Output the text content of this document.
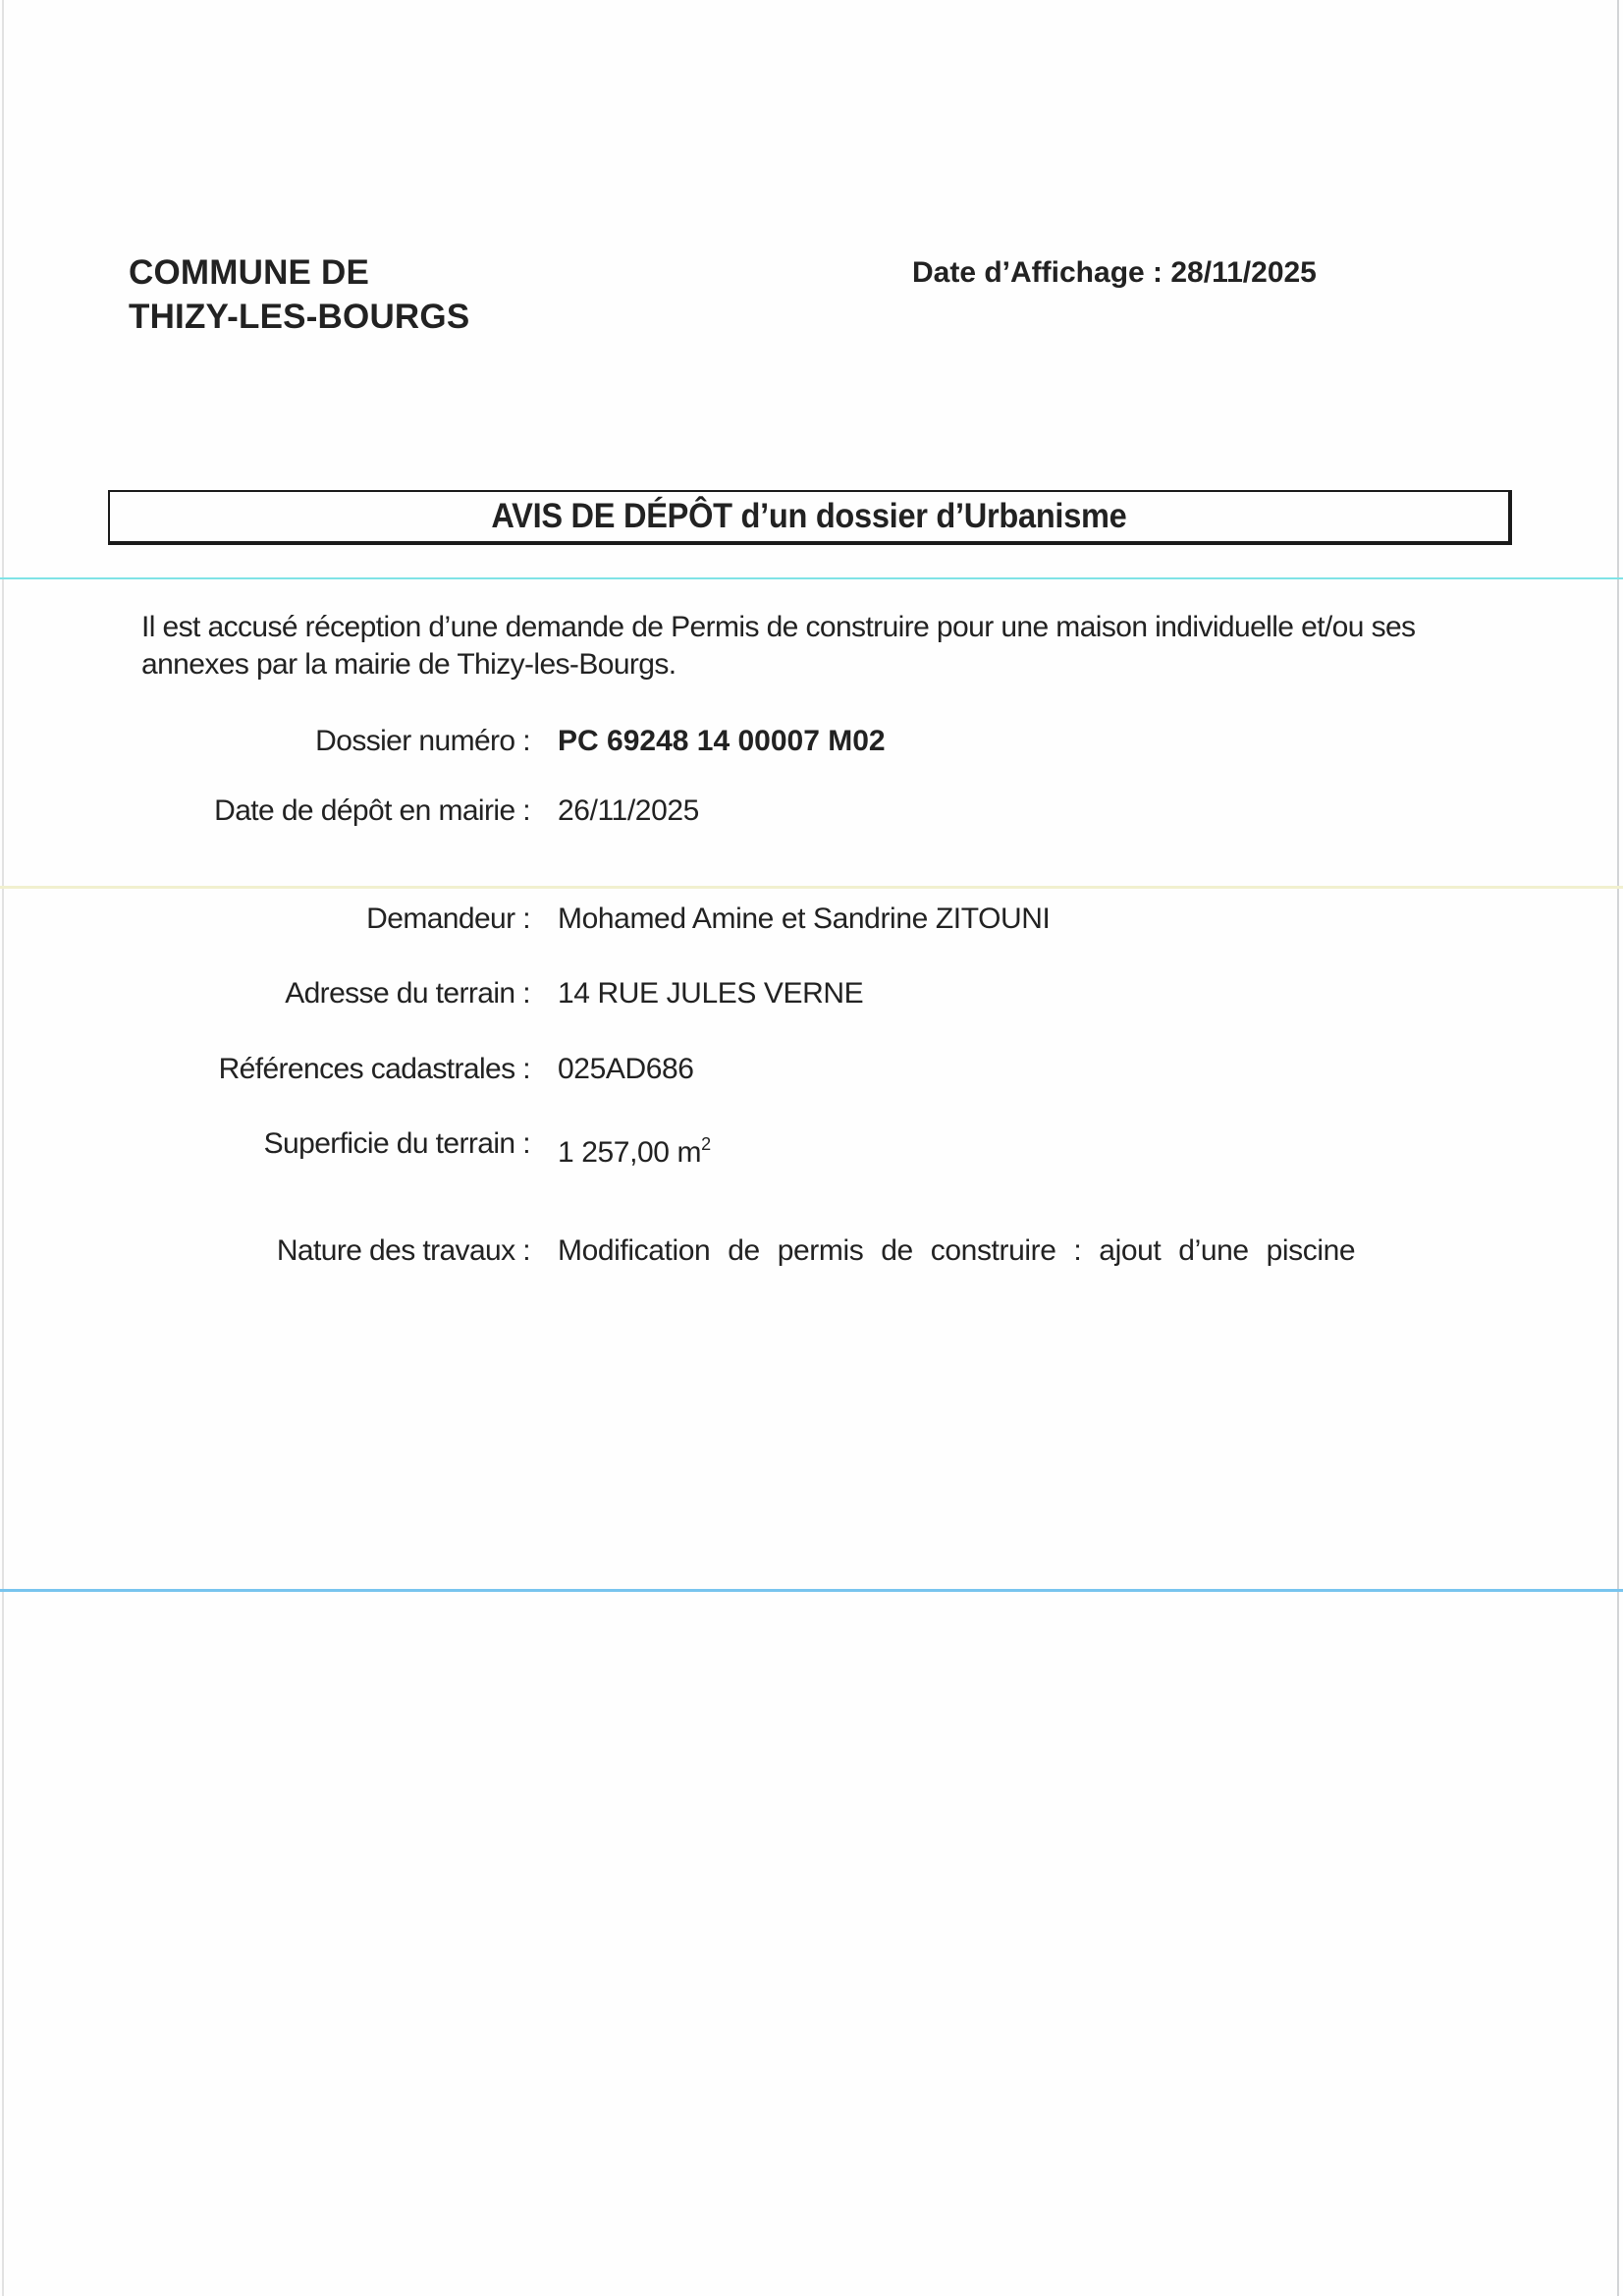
COMMUNE DE
THIZY-LES-BOURGS
Date d’Affichage : 28/11/2025
AVIS DE DÉPÔT d’un dossier d’Urbanisme
Il est accusé réception d’une demande de Permis de construire pour une maison individuelle et/ou ses annexes par la mairie de Thizy-les-Bourgs.
Dossier numéro : PC 69248 14 00007 M02
Date de dépôt en mairie : 26/11/2025
Demandeur : Mohamed Amine et Sandrine ZITOUNI
Adresse du terrain : 14 RUE JULES VERNE
Références cadastrales : 025AD686
Superficie du terrain : 1 257,00 $m^2$
Nature des travaux : Modification de permis de construire : ajout d’une piscine
